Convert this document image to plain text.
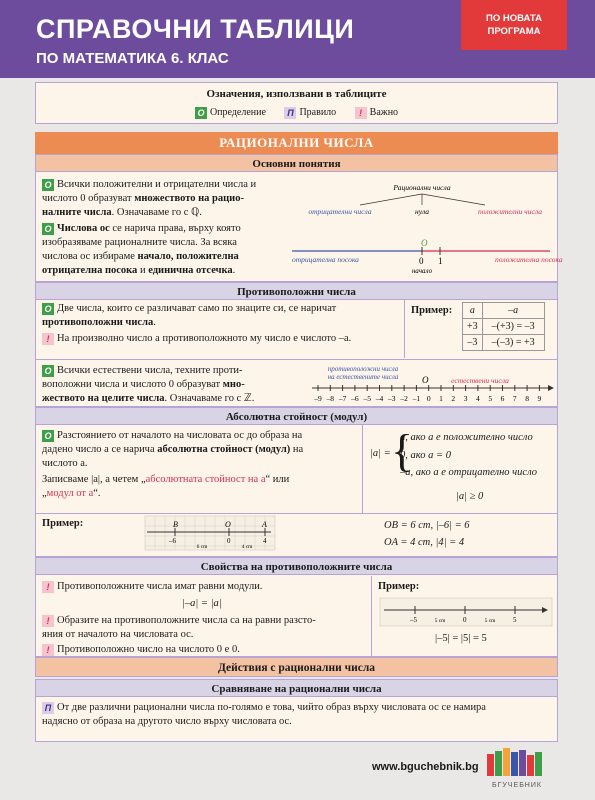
СПРАВОЧНИ ТАБЛИЦИ
ПО МАТЕМАТИКА 6. КЛАС
ПО НОВАТА
ПРОГРАМА
Означения, използвани в таблиците
О Определение П Правило	! Важно
РАЦИОНАЛНИ ЧИСЛА
Основни понятия
О Всички положителни и отрицателни числа и
числото 0 образуват множеството на рацио-
налните числа. Означаваме го с ℚ.
О Числова ос се нарича права, върху която
изобразяваме рационалните числа. За всяка
числова ос избираме начало, положителна
отрицателна посока и единична отсечка.
Рационални числа
отрицателни числа	нула	положителни числа
О
отрицателна посока	положителна посока
0 1
начало
Противоположни числа
О Две числа, които се различават само по знаците си, се наричат
противоположни числа.
! На произволно число а противоположното му число е числото –а.
Пример: a	–a
+3	–(+3) = –3
–3	–(–3) = +3
О Всички естествени числа, техните проти-
воположни числа и числото 0 образуват мно-
жеството на целите числа. Означаваме го с ℤ.
противоположни числа
на естествените числа	О	естествени числа
–9 –8 –7 –6 –5 –4 –3 –2 –1 0 1 2 3 4 5 6 7 8 9
Абсолютна стойност (модул)
О Разстоянието от началото на числовата ос до образа на
дадено число a се нарича абсолютна стойност (модул) на
числото a.
Записваме |a|, а четем „абсолютната стойност на a“ или
„модул от a“.
|a| = {
a, ако a е положително число
0, ако a = 0
–a, ако a е отрицателно число
|a| ≥ 0
Пример:	B	O	A
–6	0	4
6 cm	4 cm
OB = 6 cm, |–6| = 6
OA = 4 cm, |4| = 4
Свойства на противоположните числа
! Противоположните числа имат равни модули.
|–a| = |a|
! Образите на противоположните числа са на равни разсто-
яния от началото на числовата ос.
! Противоположно число на числото 0 е 0.
Пример:
–5	0	5
5 cm	5 cm
|–5| = |5| = 5
Действия с рационални числа
Сравняване на рационални числа
П От две различни рационални числа по-голямо е това, чийто образ върху числовата ос се намира
надясно от образа на другото число върху числовата ос.
www.bguchebnik.bg
БГУЧЕБНИК
